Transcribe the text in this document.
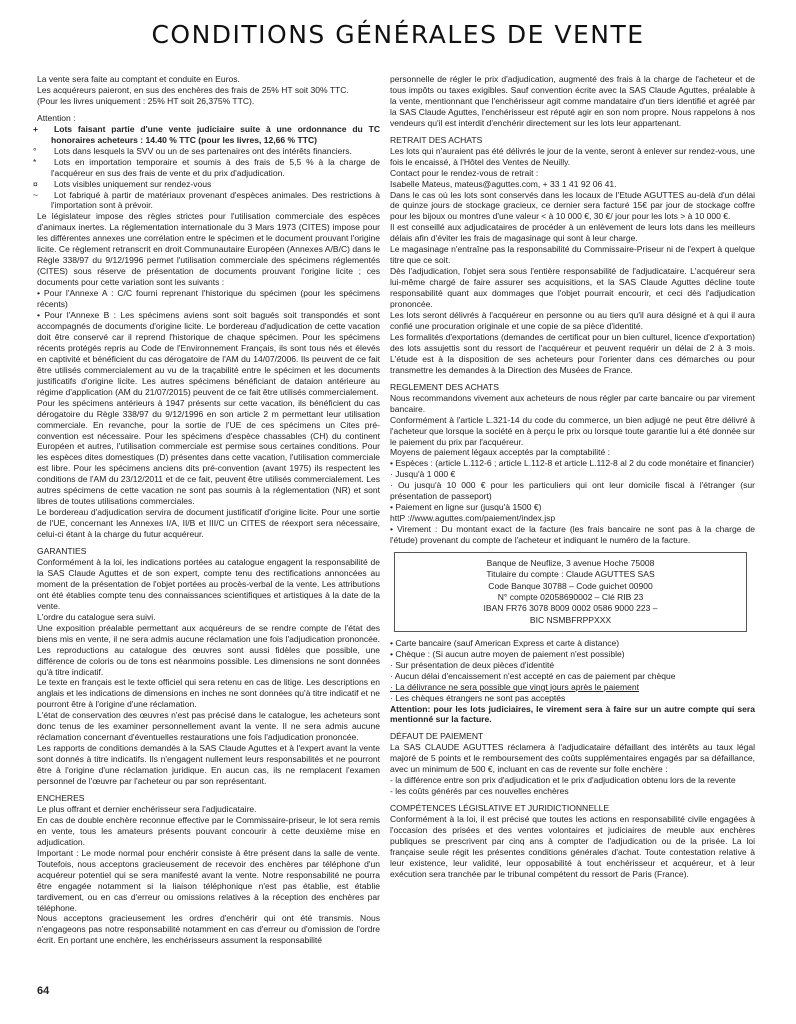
CONDITIONS GÉNÉRALES DE VENTE

La vente sera faite au comptant et conduite en Euros.

Les acquéreurs paieront, en sus des enchères des frais de 25% HT soit 30% TTC.

(Pour les livres uniquement : 25% HT soit 26,375% TTC).

Attention :

+ Lots faisant partie d'une vente judiciaire suite à une ordonnance du TC honoraires acheteurs : 14.40 % TTC (pour les livres, 12,66 % TTC)

° Lots dans lesquels la SVV ou un de ses partenaires ont des intérêts financiers.

* Lots en importation temporaire et soumis à des frais de 5,5 % à la charge de l'acquéreur en sus des frais de vente et du prix d'adjudication.

¤ Lots visibles uniquement sur rendez-vous

~ Lot fabriqué à partir de matériaux provenant d'espèces animales. Des restrictions à l'importation sont à prévoir.

Le législateur impose des règles strictes pour l'utilisation commerciale des espèces d'animaux inertes. La réglementation internationale du 3 Mars 1973 (CITES) impose pour les différentes annexes une corrélation entre le spécimen et le document prouvant l'origine licite. Ce règlement retranscrit en droit Communautaire Européen (Annexes A/B/C) dans le Règle 338/97 du 9/12/1996 permet l'utilisation commerciale des spécimens réglementés (CITES) sous réserve de présentation de documents prouvant l'origine licite ; ces documents pour cette variation sont les suivants :

• Pour l'Annexe A : C/C fourni reprenant l'historique du spécimen (pour les spécimens récents)

• Pour l'Annexe B : Les spécimens aviens sont soit bagués soit transpondés et sont accompagnés de documents d'origine licite. Le bordereau d'adjudication de cette vacation doit être conservé car il reprend l'historique de chaque spécimen. Pour les spécimens récents protégés repris au Code de l'Environnement Français, ils sont tous nés et élevés en captivité et bénéficient du cas dérogatoire de l'AM du 14/07/2006. Ils peuvent de ce fait être utilisés commercialement au vu de la traçabilité entre le spécimen et les documents justificatifs d'origine licite. Les autres spécimens bénéficiant de dataion antérieure au régime d'application (AM du 21/07/2015) peuvent de ce fait être utilisés commercialement.

Pour les spécimens antérieurs à 1947 présents sur cette vacation, ils bénéficient du cas dérogatoire du Règle 338/97 du 9/12/1996 en son article 2 m permettant leur utilisation commerciale. En revanche, pour la sortie de l'UE de ces spécimens un Cites pré-convention est nécessaire. Pour les spécimens d'espèce chassables (CH) du continent Européen et autres, l'utilisation commerciale est permise sous certaines conditions. Pour les espèces dites domestiques (D) présentes dans cette vacation, l'utilisation commerciale est libre. Pour les spécimens anciens dits pré-convention (avant 1975) ils respectent les conditions de l'AM du 23/12/2011 et de ce fait, peuvent être utilisés commercialement. Les autres spécimens de cette vacation ne sont pas soumis à la réglementation (NR) et sont libres de toutes utilisations commerciales.

Le bordereau d'adjudication servira de document justificatif d'origine licite. Pour une sortie de l'UE, concernant les Annexes I/A, II/B et III/C un CITES de réexport sera nécessaire, celui-ci étant à la charge du futur acquéreur.

GARANTIES

Conformément à la loi, les indications portées au catalogue engagent la responsabilité de la SAS Claude Aguttes et de son expert, compte tenu des rectifications annoncées au moment de la présentation de l'objet portées au procès-verbal de la vente. Les attributions ont été établies compte tenu des connaissances scientifiques et artistiques à la date de la vente.

L'ordre du catalogue sera suivi.

Une exposition préalable permettant aux acquéreurs de se rendre compte de l'état des biens mis en vente, il ne sera admis aucune réclamation une fois l'adjudication prononcée. Les reproductions au catalogue des œuvres sont aussi fidèles que possible, une différence de coloris ou de tons est néanmoins possible. Les dimensions ne sont données qu'à titre indicatif.

Le texte en français est le texte officiel qui sera retenu en cas de litige. Les descriptions en anglais et les indications de dimensions en inches ne sont données qu'à titre indicatif et ne pourront être à l'origine d'une réclamation.

L'état de conservation des œuvres n'est pas précisé dans le catalogue, les acheteurs sont donc tenus de les examiner personnellement avant la vente. Il ne sera admis aucune réclamation concernant d'éventuelles restaurations une fois l'adjudication prononcée.

Les rapports de conditions demandés à la SAS Claude Aguttes et à l'expert avant la vente sont donnés à titre indicatifs. Ils n'engagent nullement leurs responsabilités et ne pourront être à l'origine d'une réclamation juridique. En aucun cas, ils ne remplacent l'examen personnel de l'œuvre par l'acheteur ou par son représentant.

ENCHERES

Le plus offrant et dernier enchérisseur sera l'adjudicataire.

En cas de double enchère reconnue effective par le Commissaire-priseur, le lot sera remis en vente, tous les amateurs présents pouvant concourir à cette deuxième mise en adjudication.

Important : Le mode normal pour enchérir consiste à être présent dans la salle de vente. Toutefois, nous acceptons gracieusement de recevoir des enchères par téléphone d'un acquéreur potentiel qui se sera manifesté avant la vente. Notre responsabilité ne pourra être engagée notamment si la liaison téléphonique n'est pas établie, est établie tardivement, ou en cas d'erreur ou omissions relatives à la réception des enchères par téléphone.

Nous acceptons gracieusement les ordres d'enchérir qui ont été transmis. Nous n'engageons pas notre responsabilité notamment en cas d'erreur ou d'omission de l'ordre écrit. En portant une enchère, les enchérisseurs assument la responsabilité

personnelle de régler le prix d'adjudication, augmenté des frais à la charge de l'acheteur et de tous impôts ou taxes exigibles. Sauf convention écrite avec la SAS Claude Aguttes, préalable à la vente, mentionnant que l'enchérisseur agit comme mandataire d'un tiers identifié et agréé par la SAS Claude Aguttes, l'enchérisseur est réputé agir en son nom propre. Nous rappelons à nos vendeurs qu'il est interdit d'enchérir directement sur les lots leur appartenant.

RETRAIT DES ACHATS

Les lots qui n'auraient pas été délivrés le jour de la vente, seront à enlever sur rendez-vous, une fois le encaissé, à l'Hôtel des Ventes de Neuilly.

Contact pour le rendez-vous de retrait :

Isabelle Mateus, mateus@aguttes.com, + 33 1 41 92 06 41.

Dans le cas où les lots sont conservés dans les locaux de l'Etude AGUTTES au-delà d'un délai de quinze jours de stockage gracieux, ce dernier sera facturé 15€ par jour de stockage coffre pour les bijoux ou montres d'une valeur < à 10 000 €, 30 €/ jour pour les lots > à 10 000 €.

Il est conseillé aux adjudicataires de procéder à un enlèvement de leurs lots dans les meilleurs délais afin d'éviter les frais de magasinage qui sont à leur charge.

Le magasinage n'entraîne pas la responsabilité du Commissaire-Priseur ni de l'expert à quelque titre que ce soit.

Dès l'adjudication, l'objet sera sous l'entière responsabilité de l'adjudicataire. L'acquéreur sera lui-même chargé de faire assurer ses acquisitions, et la SAS Claude Aguttes décline toute responsabilité quant aux dommages que l'objet pourrait encourir, et ceci dès l'adjudication prononcée.

Les lots seront délivrés à l'acquéreur en personne ou au tiers qu'il aura désigné et à qui il aura confié une procuration originale et une copie de sa pièce d'identité.

Les formalités d'exportations (demandes de certificat pour un bien culturel, licence d'exportation) des lots assujettis sont du ressort de l'acquéreur et peuvent requérir un délai de 2 à 3 mois. L'étude est à la disposition de ses acheteurs pour l'orienter dans ces démarches ou pour transmettre les demandes à la Direction des Musées de France.

REGLEMENT DES ACHATS

Nous recommandons vivement aux acheteurs de nous régler par carte bancaire ou par virement bancaire.

Conformément à l'article L.321-14 du code du commerce, un bien adjugé ne peut être délivré à l'acheteur que lorsque la société en à perçu le prix ou lorsque toute garantie lui a été donnée sur le paiement du prix par l'acquéreur.

Moyens de paiement légaux acceptés par la comptabilité :

• Espèces : (article L.112-6 ; article L.112-8 et article L.112-8 al 2 du code monétaire et financier)

· Jusqu'à 1 000 €

· Ou jusqu'à 10 000 € pour les particuliers qui ont leur domicile fiscal à l'étranger (sur présentation de passeport)

• Paiement en ligne sur (jusqu'à 1500 €)

httP ://www.aguttes.com/paiement/index.jsp

• Virement : Du montant exact de la facture (les frais bancaire ne sont pas à la charge de l'étude) provenant du compte de l'acheteur et indiquant le numéro de la facture.

Banque de Neuflize, 3 avenue Hoche 75008
Titulaire du compte : Claude AGUTTES SAS
Code Banque 30788 – Code guichet 00900
N° compte 02058690002 – Clé RIB 23
IBAN FR76 3078 8009 0002 0586 9000 223 –
BIC NSMBFRPPXXX

• Carte bancaire (sauf American Express et carte à distance)

• Chèque : (Si aucun autre moyen de paiement n'est possible)

· Sur présentation de deux pièces d'identité

· Aucun délai d'encaissement n'est accepté en cas de paiement par chèque

· La délivrance ne sera possible que vingt jours après le paiement

· Les chèques étrangers ne sont pas acceptés

Attention: pour les lots judiciaires, le virement sera à faire sur un autre compte qui sera mentionné sur la facture.

DÉFAUT DE PAIEMENT

La SAS CLAUDE AGUTTES réclamera à l'adjudicataire défaillant des intérêts au taux légal majoré de 5 points et le remboursement des coûts supplémentaires engagés par sa défaillance, avec un minimum de 500 €, incluant en cas de revente sur folle enchère :

- la différence entre son prix d'adjudication et le prix d'adjudication obtenu lors de la revente

- les coûts générés par ces nouvelles enchères

COMPÉTENCES LÉGISLATIVE ET JURIDICTIONNELLE

Conformément à la loi, il est précisé que toutes les actions en responsabilité civile engagées à l'occasion des prisées et des ventes volontaires et judiciaires de meuble aux enchères publiques se prescrivent par cinq ans à compter de l'adjudication ou de la prisée. La loi française seule régit les présentes conditions générales d'achat. Toute contestation relative à leur existence, leur validité, leur opposabilité à tout enchérisseur et acquéreur, et à leur exécution sera tranchée par le tribunal compétent du ressort de Paris (France).

64
